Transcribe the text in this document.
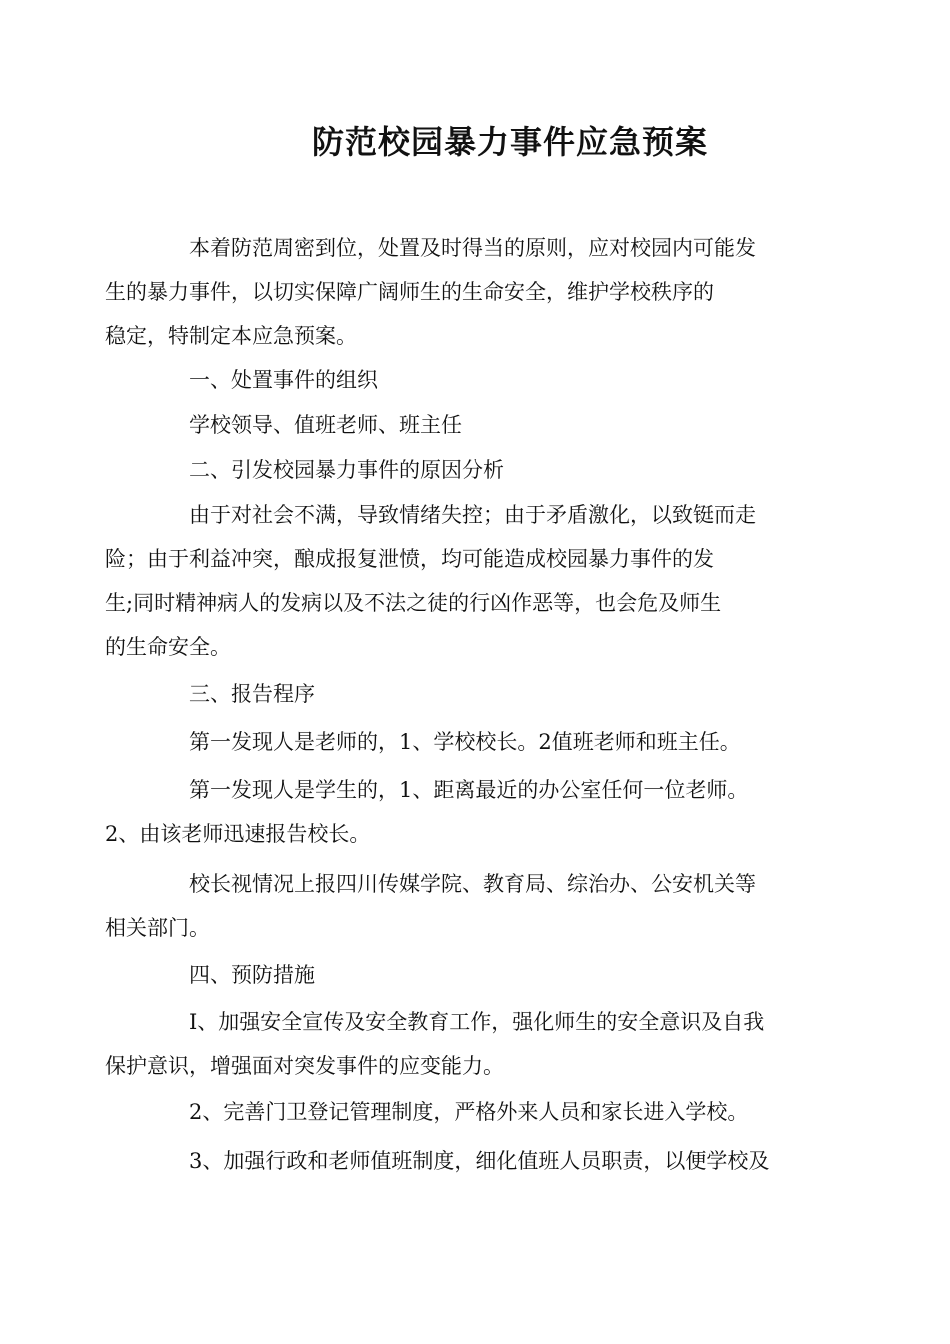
防范校园暴力事件应急预案

本着防范周密到位，处置及时得当的原则，应对校园内可能发
生的暴力事件，以切实保障广阔师生的生命安全，维护学校秩序的
稳定，特制定本应急预案。

一、处置事件的组织

学校领导、值班老师、班主任

二、引发校园暴力事件的原因分析

由于对社会不满，导致情绪失控；由于矛盾激化，以致铤而走
险；由于利益冲突，酿成报复泄愤，均可能造成校园暴力事件的发
生;同时精神病人的发病以及不法之徒的行凶作恶等，也会危及师生
的生命安全。

三、报告程序

第一发现人是老师的，1、学校校长。2值班老师和班主任。

第一发现人是学生的，1、距离最近的办公室任何一位老师。
2、由该老师迅速报告校长。

校长视情况上报四川传媒学院、教育局、综治办、公安机关等
相关部门。

四、预防措施

I、加强安全宣传及安全教育工作，强化师生的安全意识及自我
保护意识，增强面对突发事件的应变能力。

2、完善门卫登记管理制度，严格外来人员和家长进入学校。

3、加强行政和老师值班制度，细化值班人员职责，以便学校及
